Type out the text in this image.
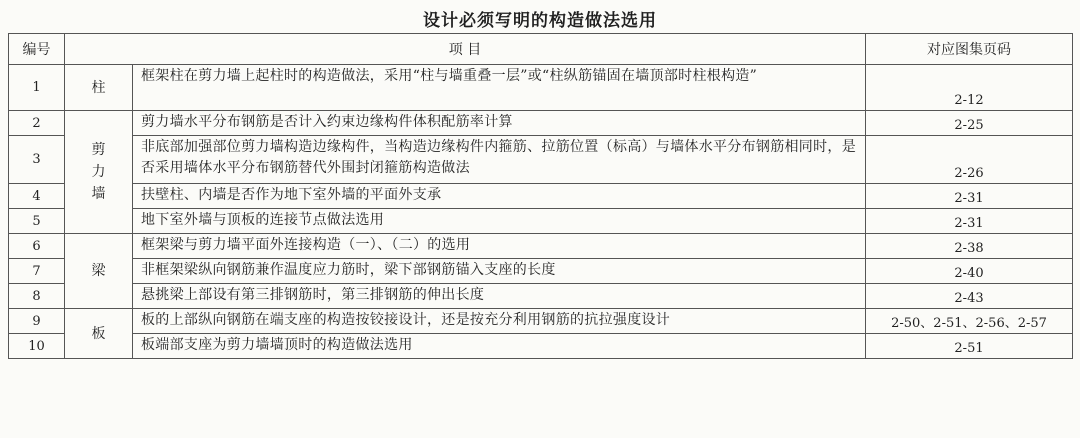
设计必须写明的构造做法选用
编号	项 目		对应图集页码
1	柱	框架柱在剪力墙上起柱时的构造做法，采用“柱与墙重叠一层”或“柱纵筋锚固在墙顶部时柱根构造”	2-12
2	剪
力
墙	剪力墙水平分布钢筋是否计入约束边缘构件体积配筋率计算	2-25
3		非底部加强部位剪力墙构造边缘构件，当构造边缘构件内箍筋、拉筋位置（标高）与墙体水平分布钢筋相同时，是否采用墙体水平分布钢筋替代外围封闭箍筋构造做法	2-26
4		扶壁柱、内墙是否作为地下室外墙的平面外支承	2-31
5		地下室外墙与顶板的连接节点做法选用	2-31
6	梁	框架梁与剪力墙平面外连接构造（一）、（二）的选用	2-38
7		非框架梁纵向钢筋兼作温度应力筋时，梁下部钢筋锚入支座的长度	2-40
8		悬挑梁上部设有第三排钢筋时，第三排钢筋的伸出长度	2-43
9	板	板的上部纵向钢筋在端支座的构造按铰接设计，还是按充分利用钢筋的抗拉强度设计	2-50、2-51、2-56、2-57
10		板端部支座为剪力墙墙顶时的构造做法选用	2-51
